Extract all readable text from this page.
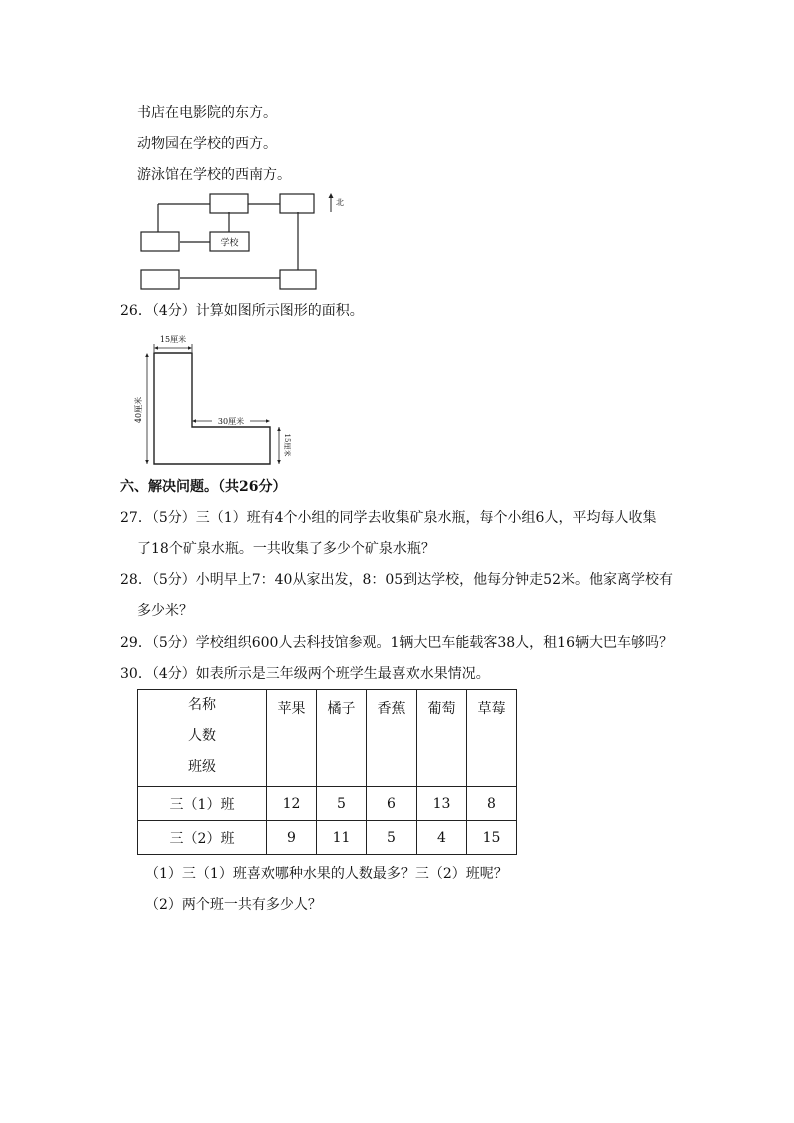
书店在电影院的东方。
动物园在学校的西方。
游泳馆在学校的西南方。
学校
北
26．（4分）计算如图所示图形的面积。
15厘米
40厘米	30厘米
15厘米
六、解决问题。（共26分）
27．（5分）三（1）班有4个小组的同学去收集矿泉水瓶，每个小组6人，平均每人收集
了18个矿泉水瓶。一共收集了多少个矿泉水瓶？
28．（5分）小明早上7：40从家出发，8：05到达学校，他每分钟走52米。他家离学校有
多少米？
29．（5分）学校组织600人去科技馆参观。1辆大巴车能载客38人，租16辆大巴车够吗？
30．（4分）如表所示是三年级两个班学生最喜欢水果情况。
名称
人数
班级	苹果	橘子	香蕉	葡萄	草莓
三（1）班	12	5	6	13	8
三（2）班	9	11	5	4	15
（1）三（1）班喜欢哪种水果的人数最多？三（2）班呢？
（2）两个班一共有多少人？
